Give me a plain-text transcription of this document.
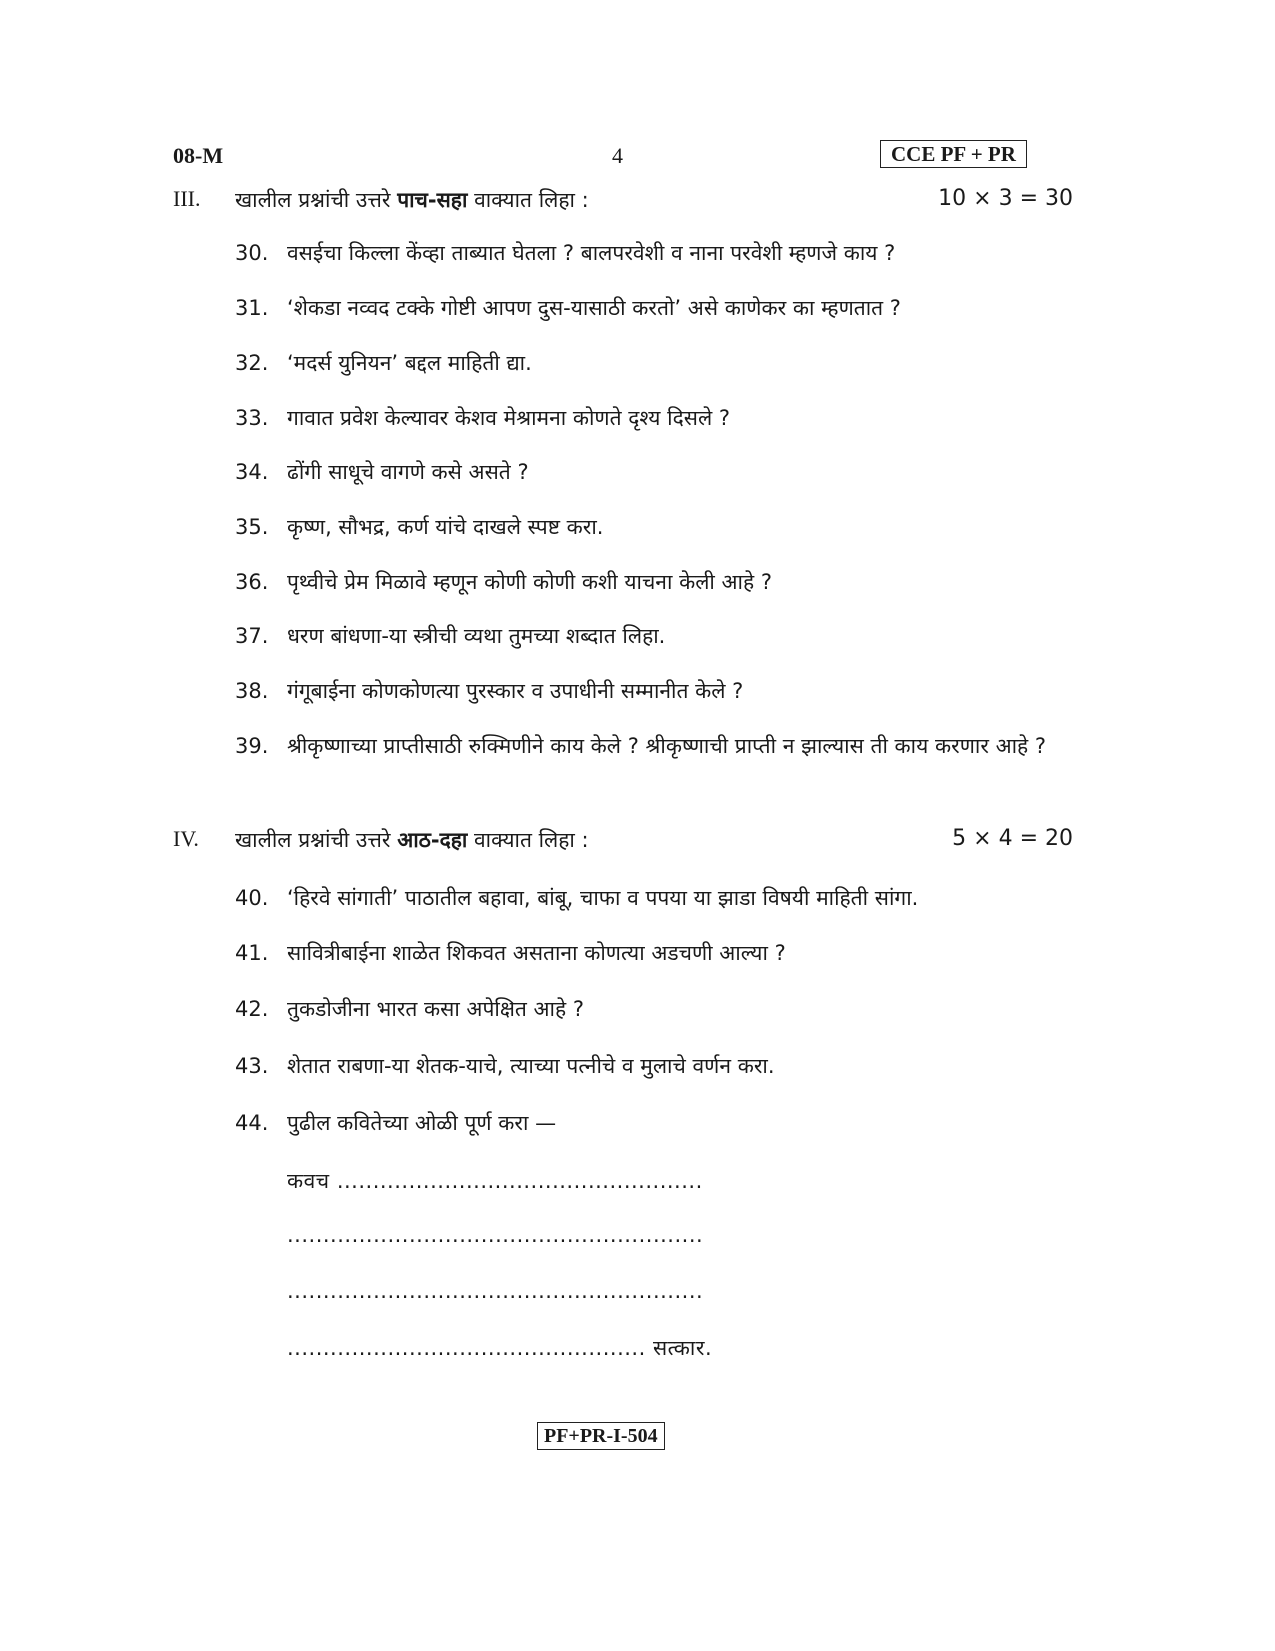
08-M	4	CCE PF + PR
III. खालील प्रश्नांची उत्तरे पाच-सहा वाक्यात लिहा :	10 × 3 = 30
30. वसईचा किल्ला केंव्हा ताब्यात घेतला ? बालपरवेशी व नाना परवेशी म्हणजे काय ?
31. ‘शेकडा नव्वद टक्के गोष्टी आपण दुस-यासाठी करतो’ असे काणेकर का म्हणतात ?
32. ‘मदर्स युनियन’ बद्दल माहिती द्या.
33. गावात प्रवेश केल्यावर केशव मेश्रामना कोणते दृश्य दिसले ?
34. ढोंगी साधूचे वागणे कसे असते ?
35. कृष्ण, सौभद्र, कर्ण यांचे दाखले स्पष्ट करा.
36. पृथ्वीचे प्रेम मिळावे म्हणून कोणी कोणी कशी याचना केली आहे ?
37. धरण बांधणा-या स्त्रीची व्यथा तुमच्या शब्दात लिहा.
38. गंगूबाईना कोणकोणत्या पुरस्कार व उपाधीनी सम्मानीत केले ?
39. श्रीकृष्णाच्या प्राप्तीसाठी रुक्मिणीने काय केले ? श्रीकृष्णाची प्राप्ती न झाल्यास ती काय करणार आहे ?
IV. खालील प्रश्नांची उत्तरे आठ-दहा वाक्यात लिहा :	5 × 4 = 20
40. ‘हिरवे सांगाती’ पाठातील बहावा, बांबू, चाफा व पपया या झाडा विषयी माहिती सांगा.
41. सावित्रीबाईना शाळेत शिकवत असताना कोणत्या अडचणी आल्या ?
42. तुकडोजीना भारत कसा अपेक्षित आहे ?
43. शेतात राबणा-या शेतक-याचे, त्याच्या पत्नीचे व मुलाचे वर्णन करा.
44. पुढील कवितेच्या ओळी पूर्ण करा —
कवच ...................................................
..........................................................
..........................................................
.................................................. सत्कार.
PF+PR-I-504
